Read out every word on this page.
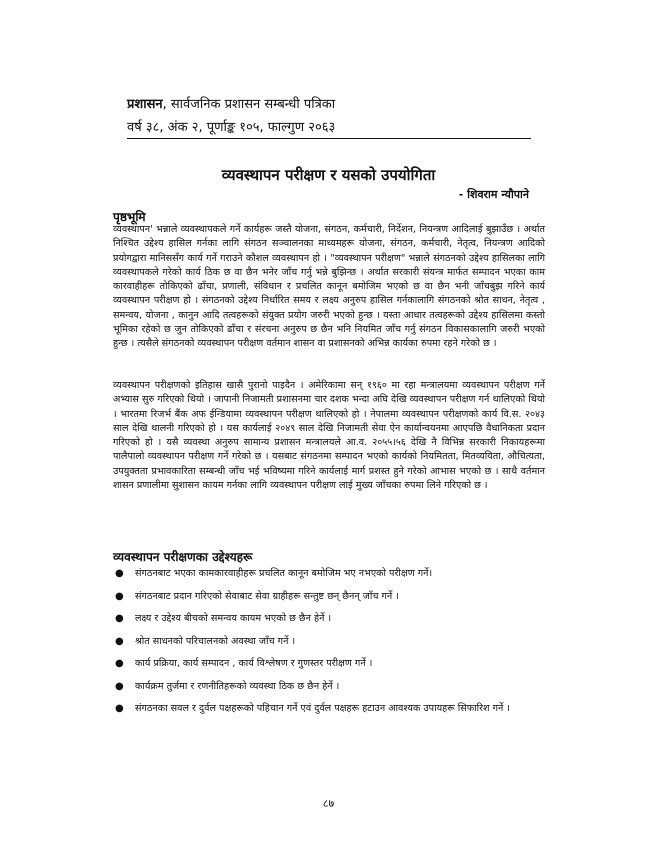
प्रशासन, सार्वजनिक प्रशासन सम्बन्धी पत्रिका
वर्ष ३८, अंक २, पूर्णाङ्क १०५, फाल्गुण २०६३
व्यवस्थापन परीक्षण र यसको उपयोगिता
- शिवराम न्यौपाने
पृष्ठभूमि
व्यवस्थापन' भन्नाले व्यवस्थापकले गर्ने कार्यहरू जस्तै योजना, संगठन, कर्मचारी, निर्देशन, नियन्त्रण आदिलाई बुझाउँछ । अर्थात निश्चित उद्देश्य हासिल गर्नका लागि संगठन सञ्चालनका माध्यमहरू योजना, संगठन, कर्मचारी, नेतृत्व, नियन्त्रण आदिको प्रयोगद्वारा मानिससँग कार्य गर्ने गराउने कौशल व्यवस्थापन हो । "व्यवस्थापन परीक्षण" भन्नाले संगठनको उद्देश्य हासिलका लागि व्यवस्थापकले गरेको कार्य ठिक छ वा छैन भनेर जाँच गर्नु भन्ने बुझिन्छ । अर्थात सरकारी संयन्त्र मार्फत सम्पादन भएका काम कारवाहीहरू तोकिएको ढाँचा, प्रणाली, संविधान र प्रचलित कानून बमोजिम भएको छ वा छैन भनी जाँचबुझ गरिने कार्य व्यवस्थापन परीक्षण हो । संगठनको उद्देश्य निर्धारित समय र लक्ष्य अनुरुप हासिल गर्नकालागि संगठनको श्रोत साधन, नेतृत्व , समन्वय, योजना , कानुन आदि तत्वहरूको संयुक्त प्रयोग जरुरी भएको हुन्छ । यस्ता आधार तत्वहरूको उद्देश्य हासिलमा कस्तो भूमिका रहेको छ जुन तोकिएको ढाँचा र संरचना अनुरुप छ छैन भनि नियमित जाँच गर्नु संगठन विकासकालागि जरुरी भएको हुन्छ । त्यसैले संगठनको व्यवस्थापन परीक्षण वर्तमान शासन वा प्रशासनको अभिन्न कार्यका रुपमा रहने गरेको छ ।
व्यवस्थापन परीक्षणको इतिहास खासै पुरानो पाइदैन । अमेरिकामा सन् १९६० मा रहा मन्त्रालयमा व्यवस्थापन परीक्षण गर्ने अभ्यास सुरु गरिएको थियो । जापानी निजामती प्रशासनमा चार दशक भन्दा अघि देखि व्यवस्थापन परीक्षण गर्न थालिएको थियो । भारतमा रिजर्भ बैंक अफ ईन्डियामा व्यवस्थापन परीक्षण थालिएको हो । नेपालमा व्यवस्थापन परीक्षणको कार्य वि.स. २०४३ साल देखि थालनी गरिएको हो । यस कार्यलाई २०४९ साल देखि निजामती सेवा ऐन कार्यान्वयनमा आएपछि वैधानिकता प्रदान गरिएको हो । यसै व्यवस्था अनुरुप सामान्य प्रशासन मन्त्रालयले आ.व. २०५५।५६ देखि नै विभिन्न सरकारी निकायहरूमा पालैपालो व्यवस्थापन परीक्षण गर्ने गरेको छ । यसबाट संगठनमा सम्पादन भएको कार्यको नियमितता, मितव्ययिता, औचित्यता, उपयुक्तता प्रभावकारिता सम्बन्धी जाँच भई भविष्यमा गरिने कार्यलाई मार्ग प्रशस्त हुने गरेको आभास भएको छ । साथै वर्तमान शासन प्रणालीमा सुशासन कायम गर्नका लागि व्यवस्थापन परीक्षण लाई मुख्य जाँचका रुपमा लिने गरिएको छ ।
व्यवस्थापन परीक्षणका उद्देश्यहरू
● संगठनबाट भएका कामकारवाहीहरू प्रचलित कानून बमोजिम भए नभएको परीक्षण गर्ने।
● संगठनबाट प्रदान गरिएको सेवाबाट सेवा ग्राहीहरू सन्तुष्ट छन् छैनन् जाँच गर्ने ।
● लक्ष्य र उद्देश्य बीचको समन्वय कायम भएको छ छैन हेर्ने ।
● श्रोत साधनको परिचालनको अवस्था जाँच गर्ने ।
● कार्य प्रक्रिया, कार्य सम्पादन , कार्य विश्लेषण र गुणस्तर परीक्षण गर्ने ।
● कार्यक्रम तुर्जमा र रणनीतिहरूको व्यवस्था ठिक छ छैन हेर्ने ।
● संगठनका सवल र दुर्वल पक्षहरूको पहिचान गर्ने एवं दुर्वल पक्षहरू हटाउन आवश्यक उपायहरू सिफारिश गर्ने ।
८७
